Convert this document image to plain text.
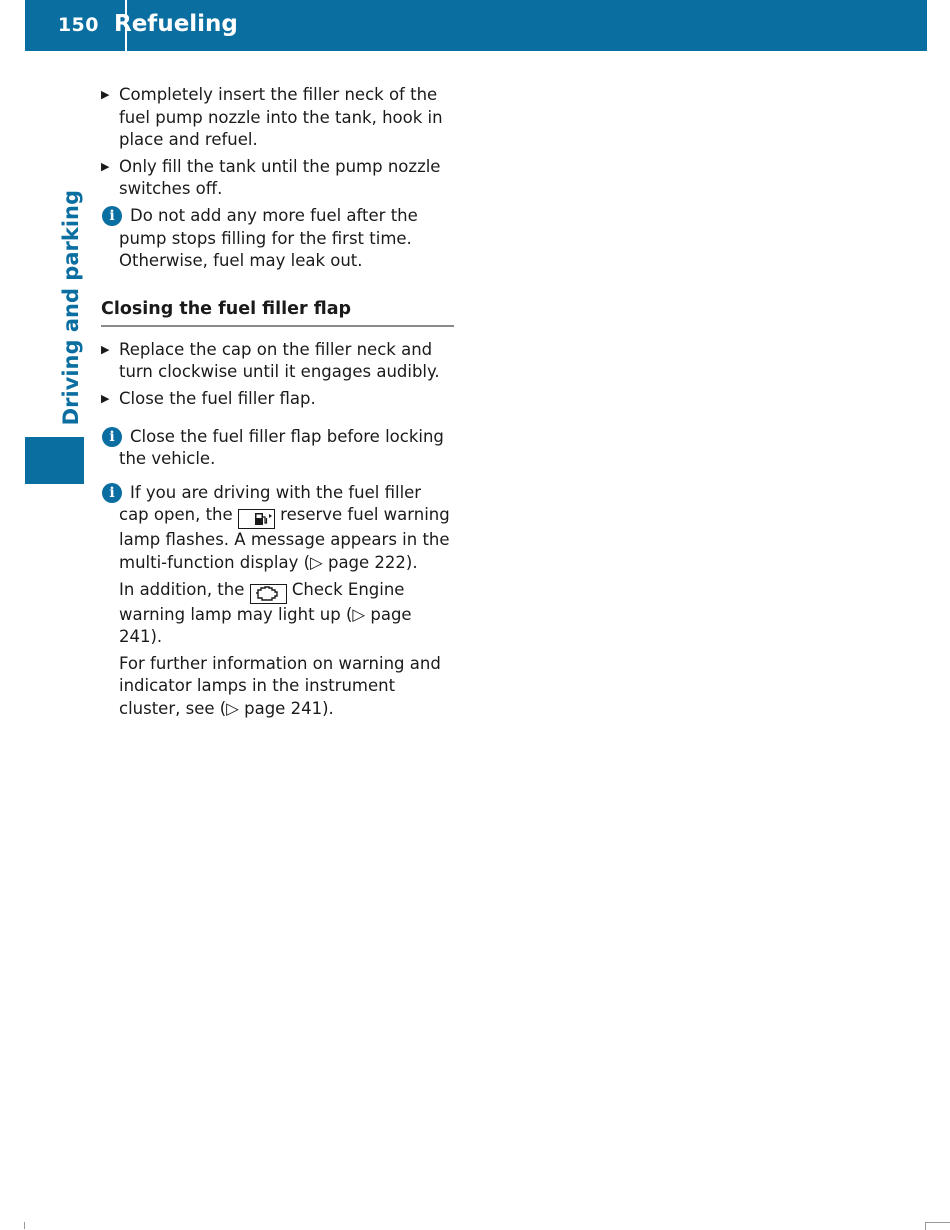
150 Refueling
Driving and parking
▶ Completely insert the filler neck of the fuel pump nozzle into the tank, hook in place and refuel.
▶ Only fill the tank until the pump nozzle switches off.
i Do not add any more fuel after the pump stops filling for the first time. Otherwise, fuel may leak out.

Closing the fuel filler flap
▶ Replace the cap on the filler neck and turn clockwise until it engages audibly.
▶ Close the fuel filler flap.
i Close the fuel filler flap before locking the vehicle.

i If you are driving with the fuel filler cap open, the	reserve fuel warning lamp flashes. A message appears in the multi-function display (▷ page 222).

In addition, the	Check Engine warning lamp may light up (▷ page 241).

For further information on warning and indicator lamps in the instrument cluster, see (▷ page 241).
